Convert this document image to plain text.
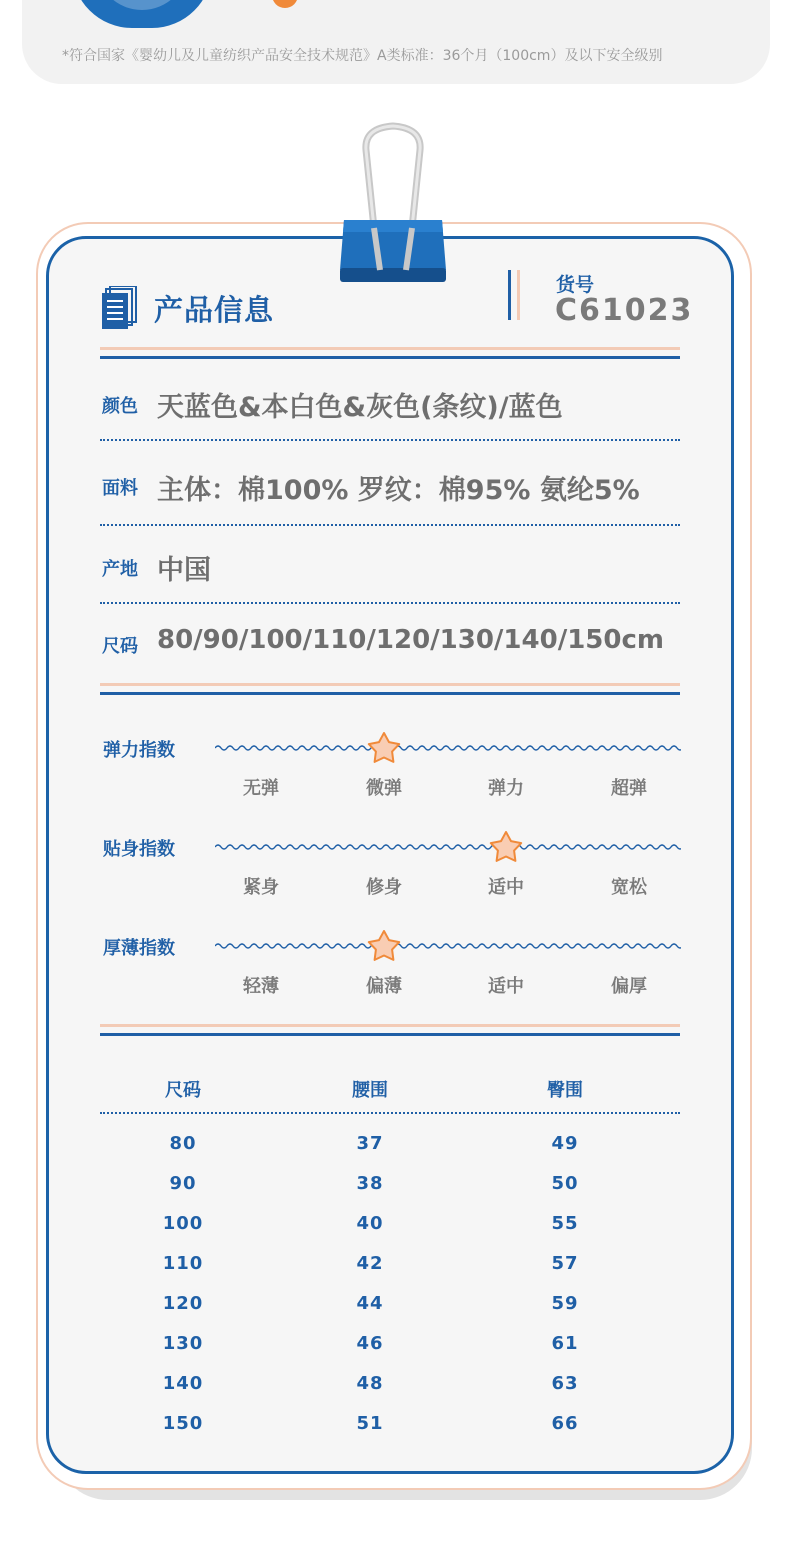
*符合国家《婴幼儿及儿童纺织产品安全技术规范》A类标准：36个月（100cm）及以下安全级别
产品信息
货号
C61023
颜色 天蓝色&本白色&灰色(条纹)/蓝色
面料 主体：棉100% 罗纹：棉95% 氨纶5%
产地 中国
尺码 80/90/100/110/120/130/140/150cm
弹力指数
无弹	微弹	弹力	超弹
贴身指数
紧身	修身	适中	宽松
厚薄指数
轻薄	偏薄	适中	偏厚
尺码	腰围	臀围
80	37	49
90	38	50
100	40	55
110	42	57
120	44	59
130	46	61
140	48	63
150	51	66
